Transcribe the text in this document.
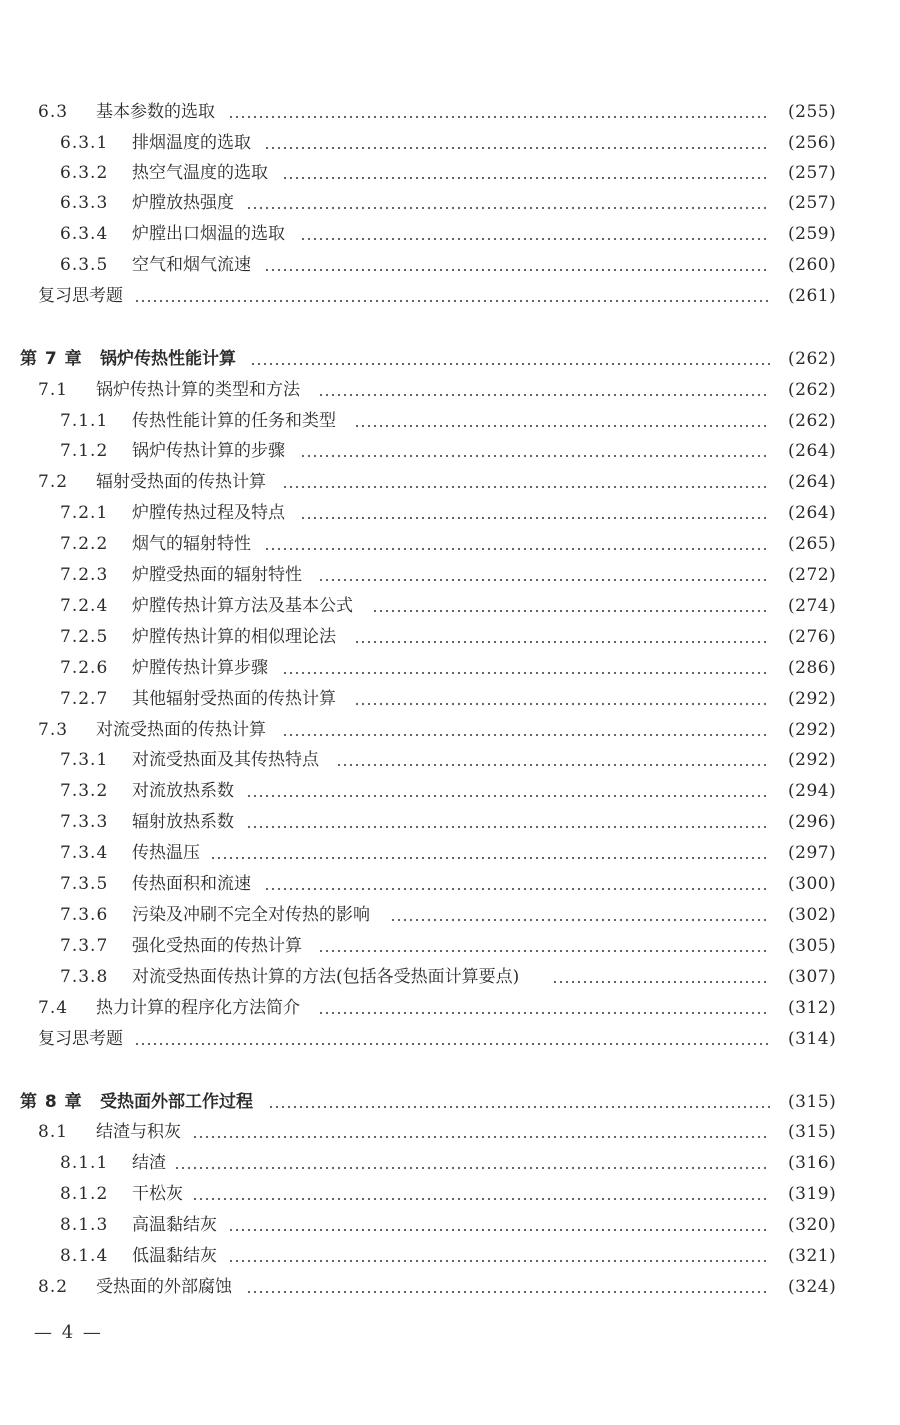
6.3 基本参数的选取	(255)
6.3.1 排烟温度的选取	(256)
6.3.2 热空气温度的选取	(257)
6.3.3 炉膛放热强度	(257)
6.3.4 炉膛出口烟温的选取	(259)
6.3.5 空气和烟气流速	(260)
复习思考题	(261)
第 7 章 锅炉传热性能计算	(262)
7.1 锅炉传热计算的类型和方法	(262)
7.1.1 传热性能计算的任务和类型	(262)
7.1.2 锅炉传热计算的步骤	(264)
7.2 辐射受热面的传热计算	(264)
7.2.1 炉膛传热过程及特点	(264)
7.2.2 烟气的辐射特性	(265)
7.2.3 炉膛受热面的辐射特性	(272)
7.2.4 炉膛传热计算方法及基本公式	(274)
7.2.5 炉膛传热计算的相似理论法	(276)
7.2.6 炉膛传热计算步骤	(286)
7.2.7 其他辐射受热面的传热计算	(292)
7.3 对流受热面的传热计算	(292)
7.3.1 对流受热面及其传热特点	(292)
7.3.2 对流放热系数	(294)
7.3.3 辐射放热系数	(296)
7.3.4 传热温压	(297)
7.3.5 传热面积和流速	(300)
7.3.6 污染及冲刷不完全对传热的影响	(302)
7.3.7 强化受热面的传热计算	(305)
7.3.8 对流受热面传热计算的方法(包括各受热面计算要点)	(307)
7.4 热力计算的程序化方法简介	(312)
复习思考题	(314)
第 8 章 受热面外部工作过程	(315)
8.1 结渣与积灰	(315)
8.1.1 结渣	(316)
8.1.2 干松灰	(319)
8.1.3 高温黏结灰	(320)
8.1.4 低温黏结灰	(321)
8.2 受热面的外部腐蚀	(324)
— 4 —
